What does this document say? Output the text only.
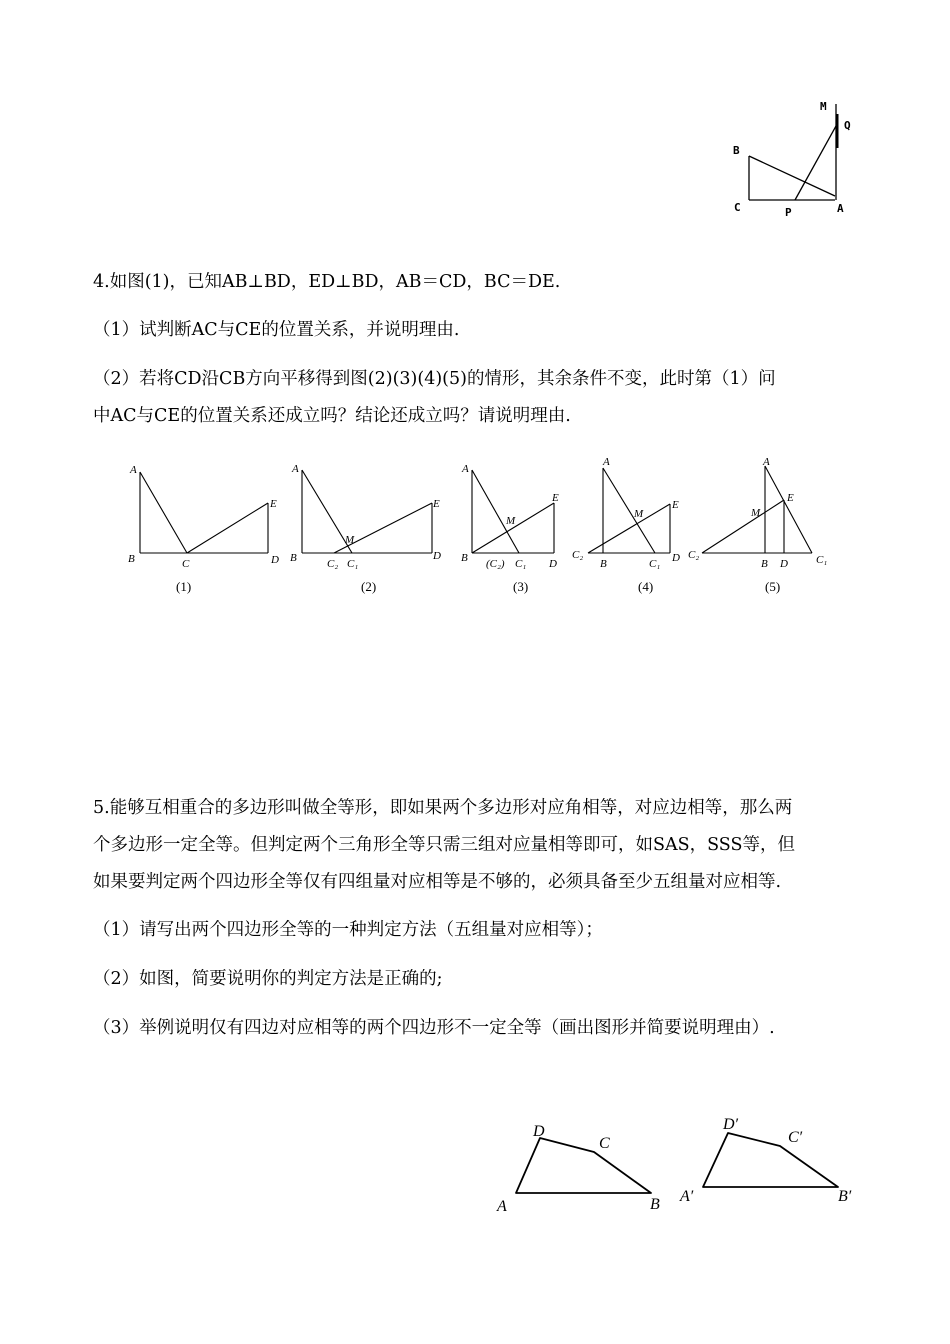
M
Q
B
C	P	A
4.如图(1)，已知AB⊥BD，ED⊥BD，AB＝CD，BC＝DE.
（1）试判断AC与CE的位置关系，并说明理由.
（2）若将CD沿CB方向平移得到图(2)(3)(4)(5)的情形，其余条件不变，此时第（1）问
中AC与CE的位置关系还成立吗？结论还成立吗？请说明理由.
A
B	C	D
E
(1)
A
B	C₂ C₁
M
D
E
(2)
A
B (C₂) C₁
M
D
E
(3)
A
C₂
B
M
C₁ D
E
(4)
A
C₂
B D
M
E
C₁
(5)
5.能够互相重合的多边形叫做全等形，即如果两个多边形对应角相等，对应边相等，那么两
个多边形一定全等。但判定两个三角形全等只需三组对应量相等即可，如SAS，SSS等，但
如果要判定两个四边形全等仅有四组量对应相等是不够的，必须具备至少五组量对应相等.
（1）请写出两个四边形全等的一种判定方法（五组量对应相等）；
（2）如图，简要说明你的判定方法是正确的;
（3）举例说明仅有四边对应相等的两个四边形不一定全等（画出图形并简要说明理由）.
D
C
A	B
D′
C′
A′	B′
